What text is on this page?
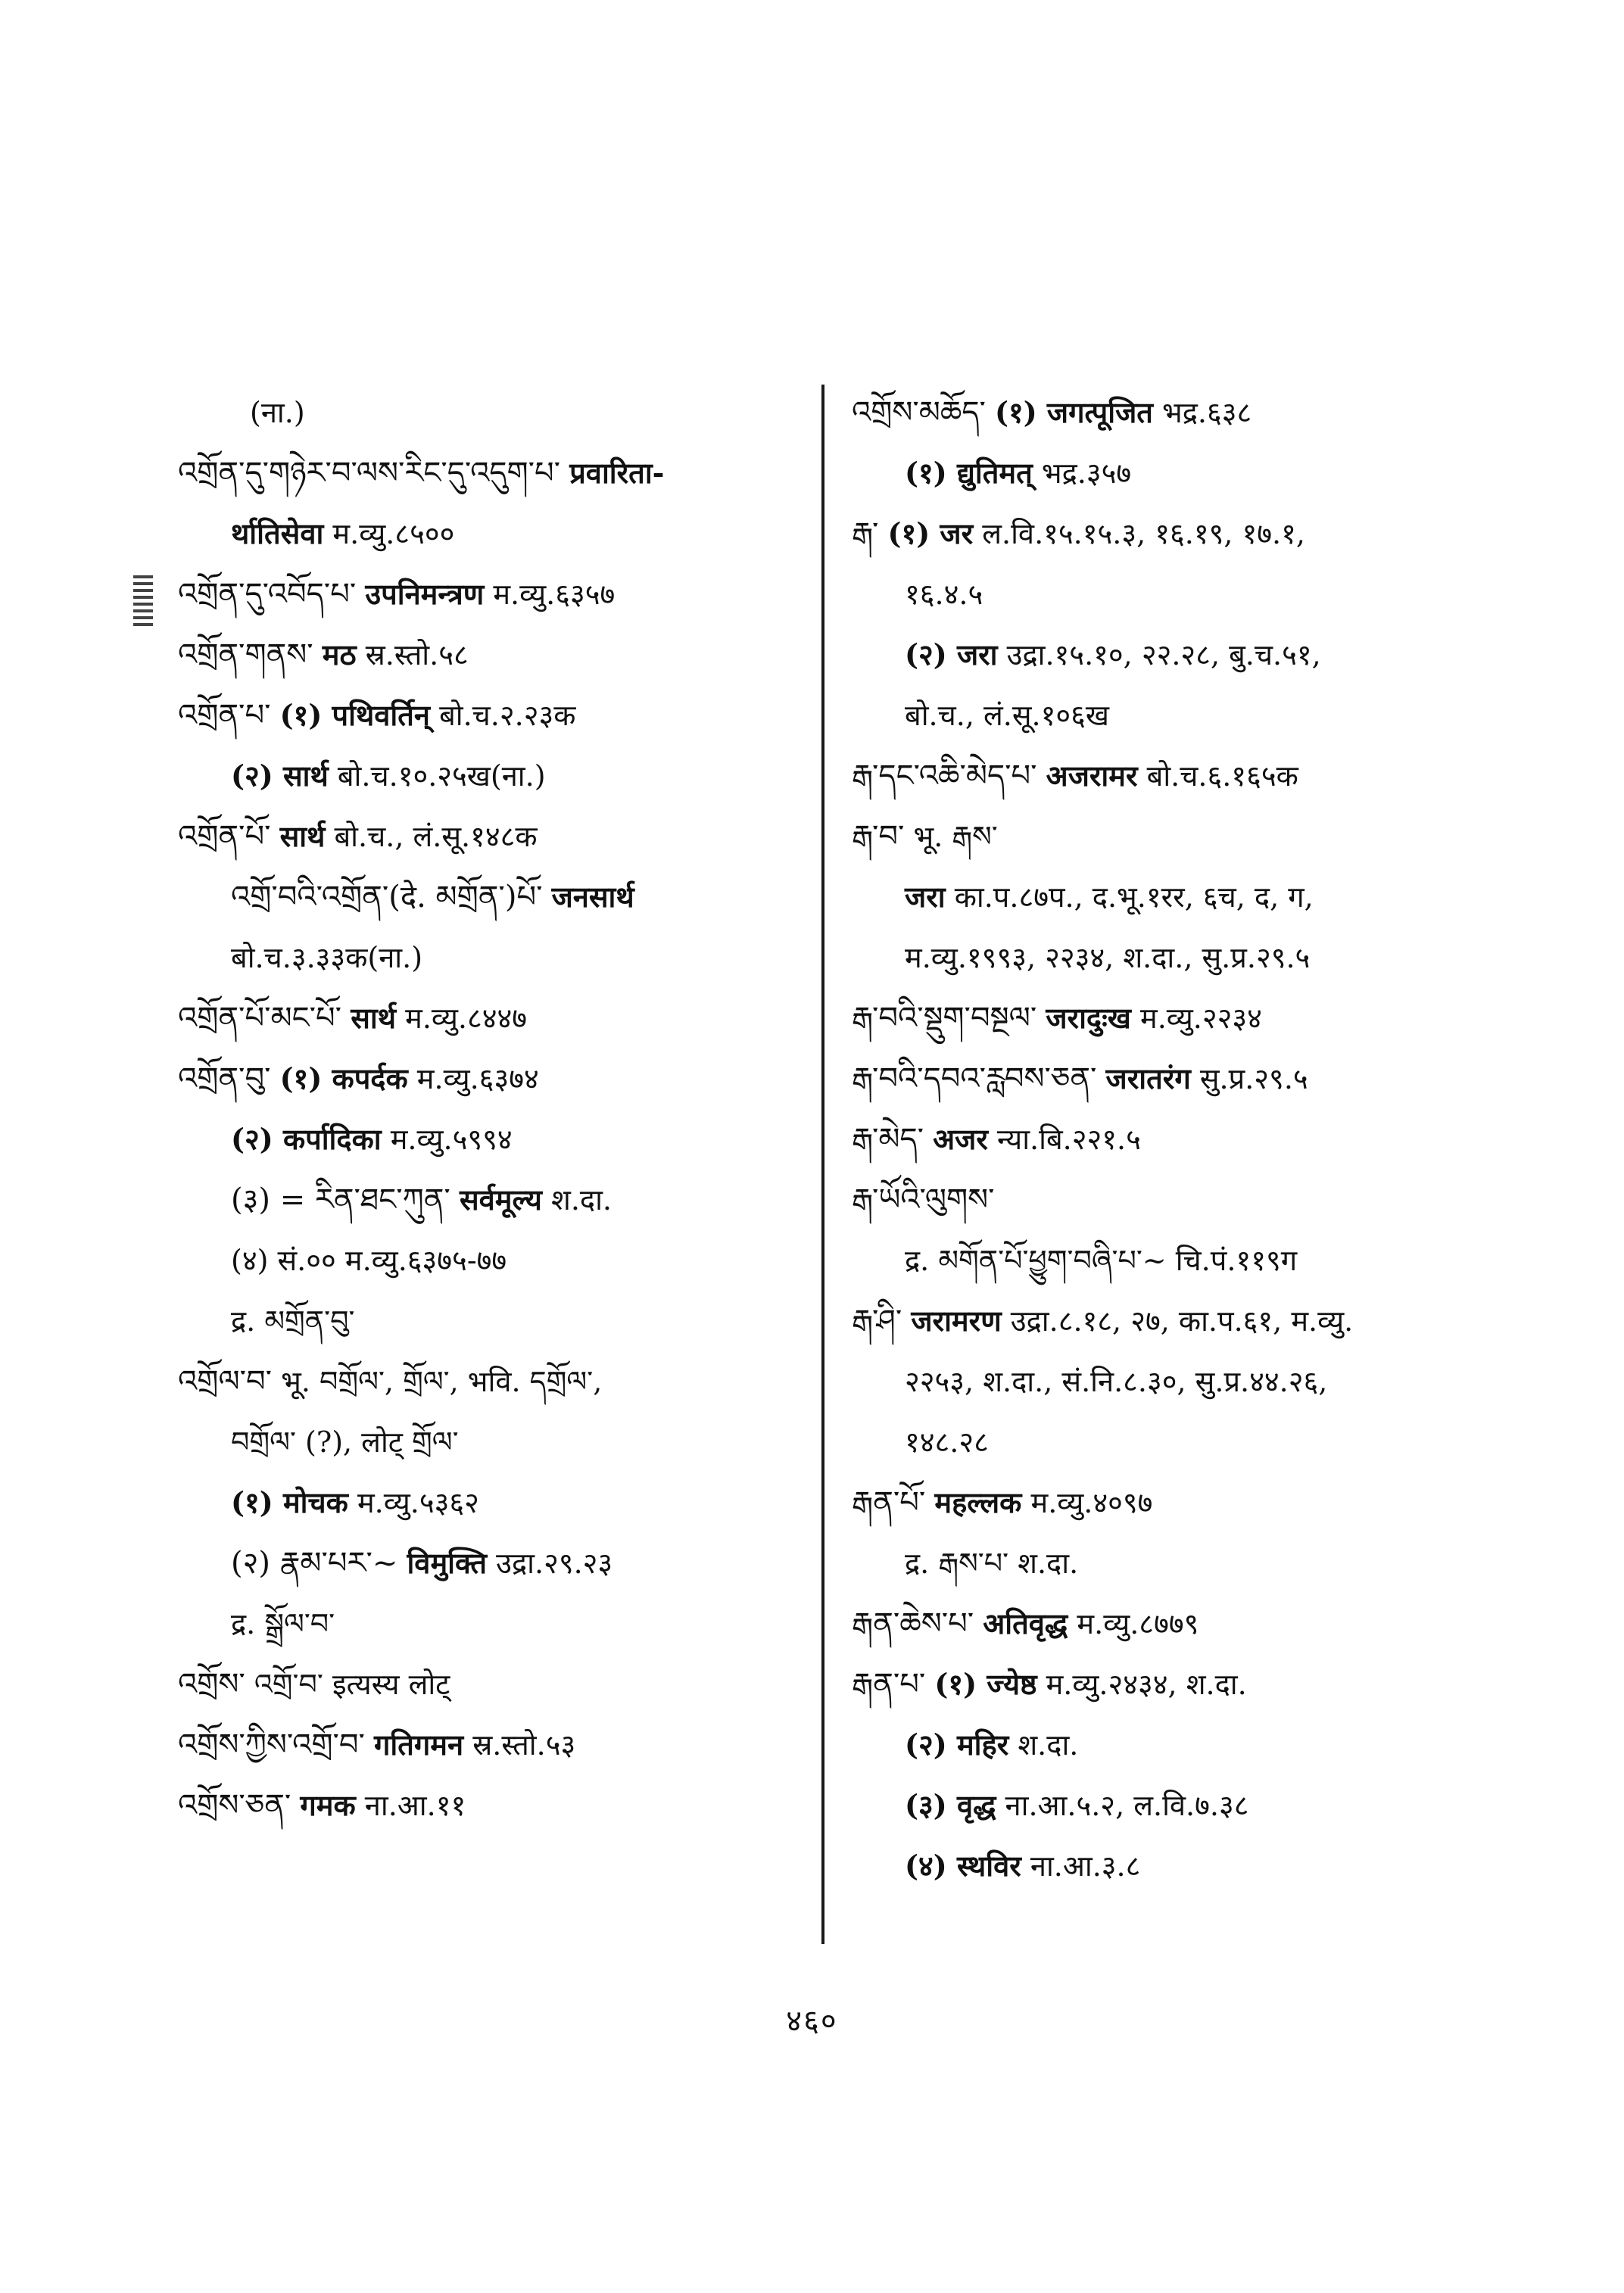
(ना.)
འགྲོན་དུ་གཉེར་བ་ལས་རིང་དུ་འདུག་པ་ प्रवारिता-
र्थातिसेवा म.व्यु.८५००
འགྲོན་དུ་འབོད་པ་ उपनिमन्त्रण म.व्यु.६३५७
འགྲོན་གནས་ मठ स्र.स्तो.५८
འགྲོན་པ་ (१) पथिवर्तिन् बो.च.२.२३क
(२) सार्थ बो.च.१०.२५ख(ना.)
འགྲོན་པོ་ सार्थ बो.च., लं.सू.१४८क
འགྲོ་བའི་འགྲོན་(दे. མགྲོན་)པོ་ जनसार्थ
बो.च.३.३३क(ना.)
འགྲོན་པོ་མང་པོ་ सार्थ म.व्यु.८४४७
འགྲོན་བུ་ (१) कपर्दक म.व्यु.६३७४
(२) कर्पादिका म.व्यु.५९९४
(३) = རིན་ཐང་ཀུན་ सर्वमूल्य श.दा.
(४) सं.०० म.व्यु.६३७५-७७
द्र. མགྲོན་བུ་
འགྲོལ་བ་ भू. བགྲོལ་, གྲོལ་, भवि. དགྲོལ་,
བགྲོལ་ (?), लोट् གྲོལ་
(१) मोचक म.व्यु.५३६२
(२) རྣམ་པར་~ विमुक्ति उद्रा.२९.२३
द्र. སྒྲོལ་བ་
འགྲོས་ འགྲོ་བ་ इत्यस्य लोट्
འགྲོས་ཀྱིས་འགྲོ་བ་ गतिगमन स्र.स्तो.५३
འགྲོས་ཅན་ गमक ना.आ.११
འགྲོས་མཆོད་ (१) जगत्पूजित भद्र.६३८
(१) द्युतिमत् भद्र.३५७
རྒ་ (१) जर ल.वि.१५.१५.३, १६.१९, १७.१,
१६.४.५
(२) जरा उद्रा.१५.१०, २२.२८, बु.च.५१,
बो.च., लं.सू.१०६ख
རྒ་དང་འཆི་མེད་པ་ अजरामर बो.च.६.१६५क
རྒ་བ་ भू. རྒས་
जरा का.प.८७प., द.भू.१रर, ६च, द, ग,
म.व्यु.१९९३, २२३४, श.दा., सु.प्र.२९.५
རྒ་བའི་སྡུག་བསྔལ་ जरादुःख म.व्यु.२२३४
རྒ་བའི་དབའ་རླབས་ཅན་ जरातरंग सु.प्र.२९.५
རྒ་མེད་ अजर न्या.बि.२२१.५
རྒ་ཡོའི་ལུགས་
द्र. མགོན་པོ་ཕྱུག་བཞི་པ་~ चि.पं.११९ग
རྒ་ཤི་ जरामरण उद्रा.८.१८, २७, का.प.६१, म.व्यु.
२२५३, श.दा., सं.नि.८.३०, सु.प्र.४४.२६,
१४८.२८
རྒན་པོ་ महल्लक म.व्यु.४०९७
द्र. རྒས་པ་ श.दा.
རྒན་ཆེས་པ་ अतिवृद्ध म.व्यु.८७७९
རྒན་པ་ (१) ज्येष्ठ म.व्यु.२४३४, श.दा.
(२) महिर श.दा.
(३) वृद्ध ना.आ.५.२, ल.वि.७.३८
(४) स्थविर ना.आ.३.८
४६०
